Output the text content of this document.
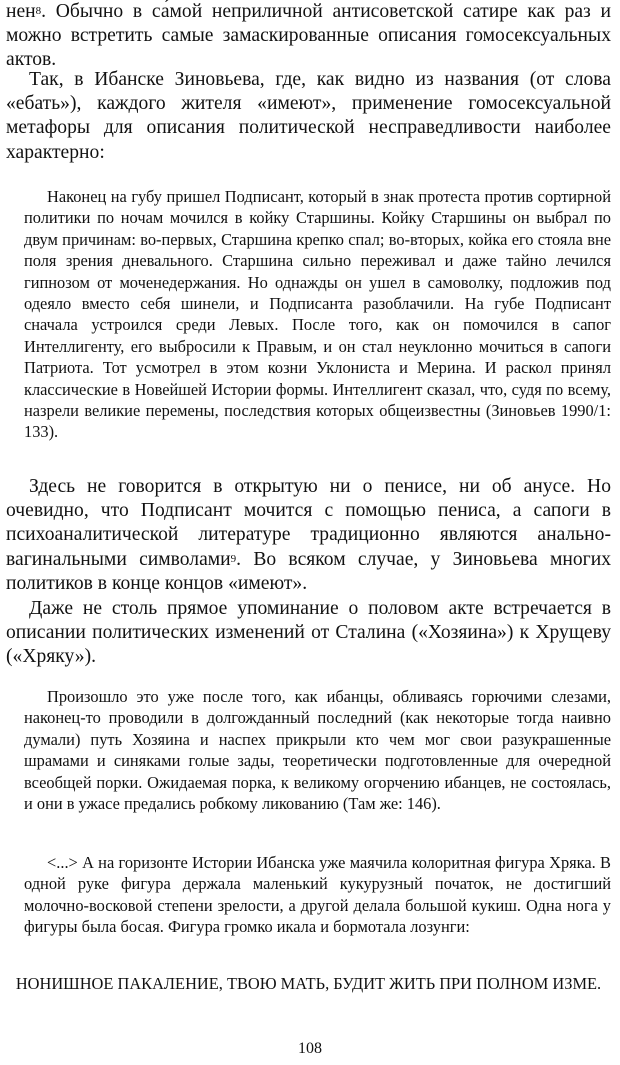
нен$^8$. Обычно в са́мой неприличной антисоветской сатире как раз и можно встретить самые замаскированные описания гомосексуальных актов.

Так, в Ибанске Зиновьева, где, как видно из названия (от слова «ебать»), каждого жителя «имеют», применение гомосексуальной метафоры для описания политической несправедливости наиболее характерно:

Наконец на губу пришел Подписант, который в знак протеста против сортирной политики по ночам мочился в койку Старшины. Койку Старшины он выбрал по двум причинам: во-первых, Старшина крепко спал; во-вторых, койка его стояла вне поля зрения дневального. Старшина сильно переживал и даже тайно лечился гипнозом от моченедержания. Но однажды он ушел в самоволку, подложив под одеяло вместо себя шинели, и Подписанта разоблачили. На губе Подписант сначала устроился среди Левых. После того, как он помочился в сапог Интеллигенту, его выбросили к Правым, и он стал неуклонно мочиться в сапоги Патриота. Тот усмотрел в этом козни Уклониста и Мерина. И раскол принял классические в Новейшей Истории формы. Интеллигент сказал, что, судя по всему, назрели великие перемены, последствия которых общеизвестны (Зиновьев 1990/1: 133).

Здесь не говорится в открытую ни о пенисе, ни об анусе. Но очевидно, что Подписант мочится с помощью пениса, а сапоги в психоаналитической литературе традиционно являются анально-вагинальными символами$^9$. Во всяком случае, у Зиновьева многих политиков в конце концов «имеют».

Даже не столь прямое упоминание о половом акте встречается в описании политических изменений от Сталина («Хозяина») к Хрущеву («Хряку»).

Произошло это уже после того, как ибанцы, обливаясь горючими слезами, наконец-то проводили в долгожданный последний (как некоторые тогда наивно думали) путь Хозяина и наспех прикрыли кто чем мог свои разукрашенные шрамами и синяками голые зады, теоретически подготовленные для очередной всеобщей порки. Ожидаемая порка, к великому огорчению ибанцев, не состоялась, и они в ужасе предались робкому ликованию (Там же: 146).

<...> А на горизонте Истории Ибанска уже маячила колоритная фигура Хряка. В одной руке фигура держала маленький кукурузный початок, не достигший молочно-восковой степени зрелости, а другой делала большой кукиш. Одна нога у фигуры была босая. Фигура громко икала и бормотала лозунги:

НОНИШНОЕ ПАКАЛЕНИЕ, ТВОЮ МАТЬ, БУДИТ ЖИТЬ ПРИ ПОЛНОМ ИЗМЕ.

108
